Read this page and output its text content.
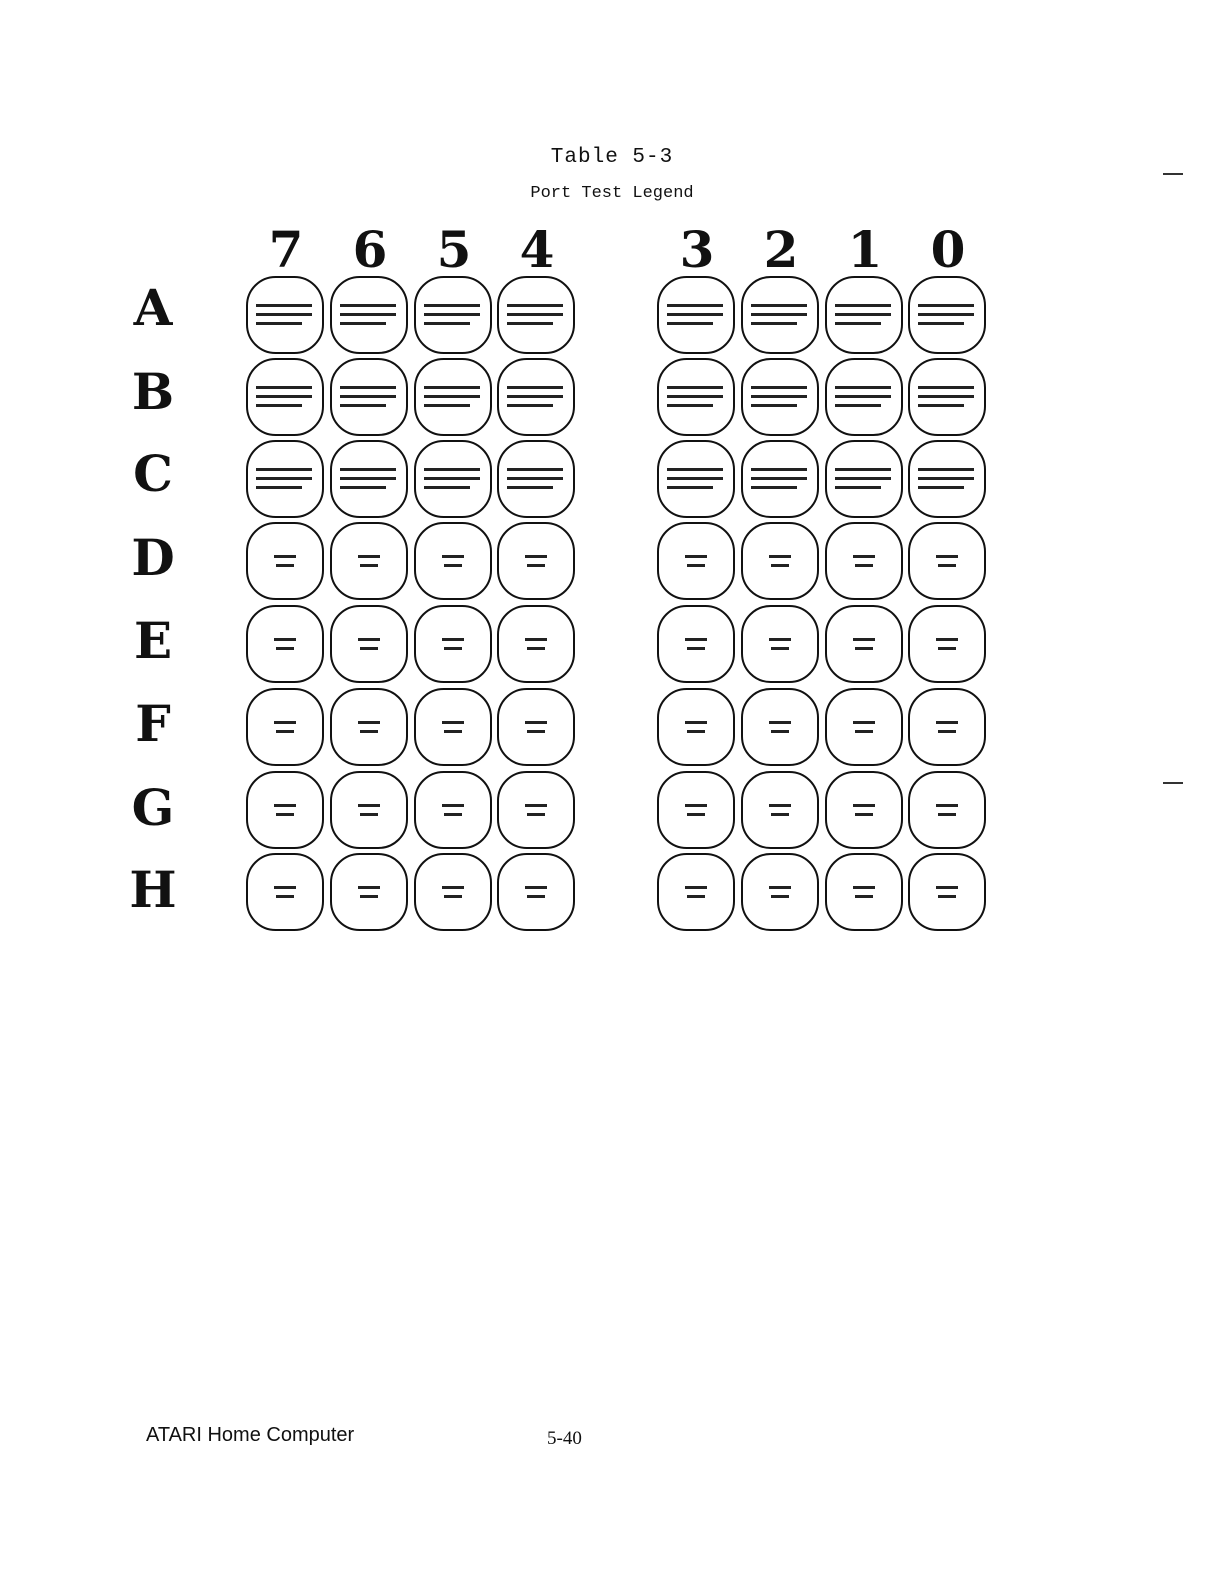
Table 5-3
Port Test Legend
7 6 5 4	3 2 1 0
A
B
C
D
E
F
G
H
ATARI Home Computer	5-40
